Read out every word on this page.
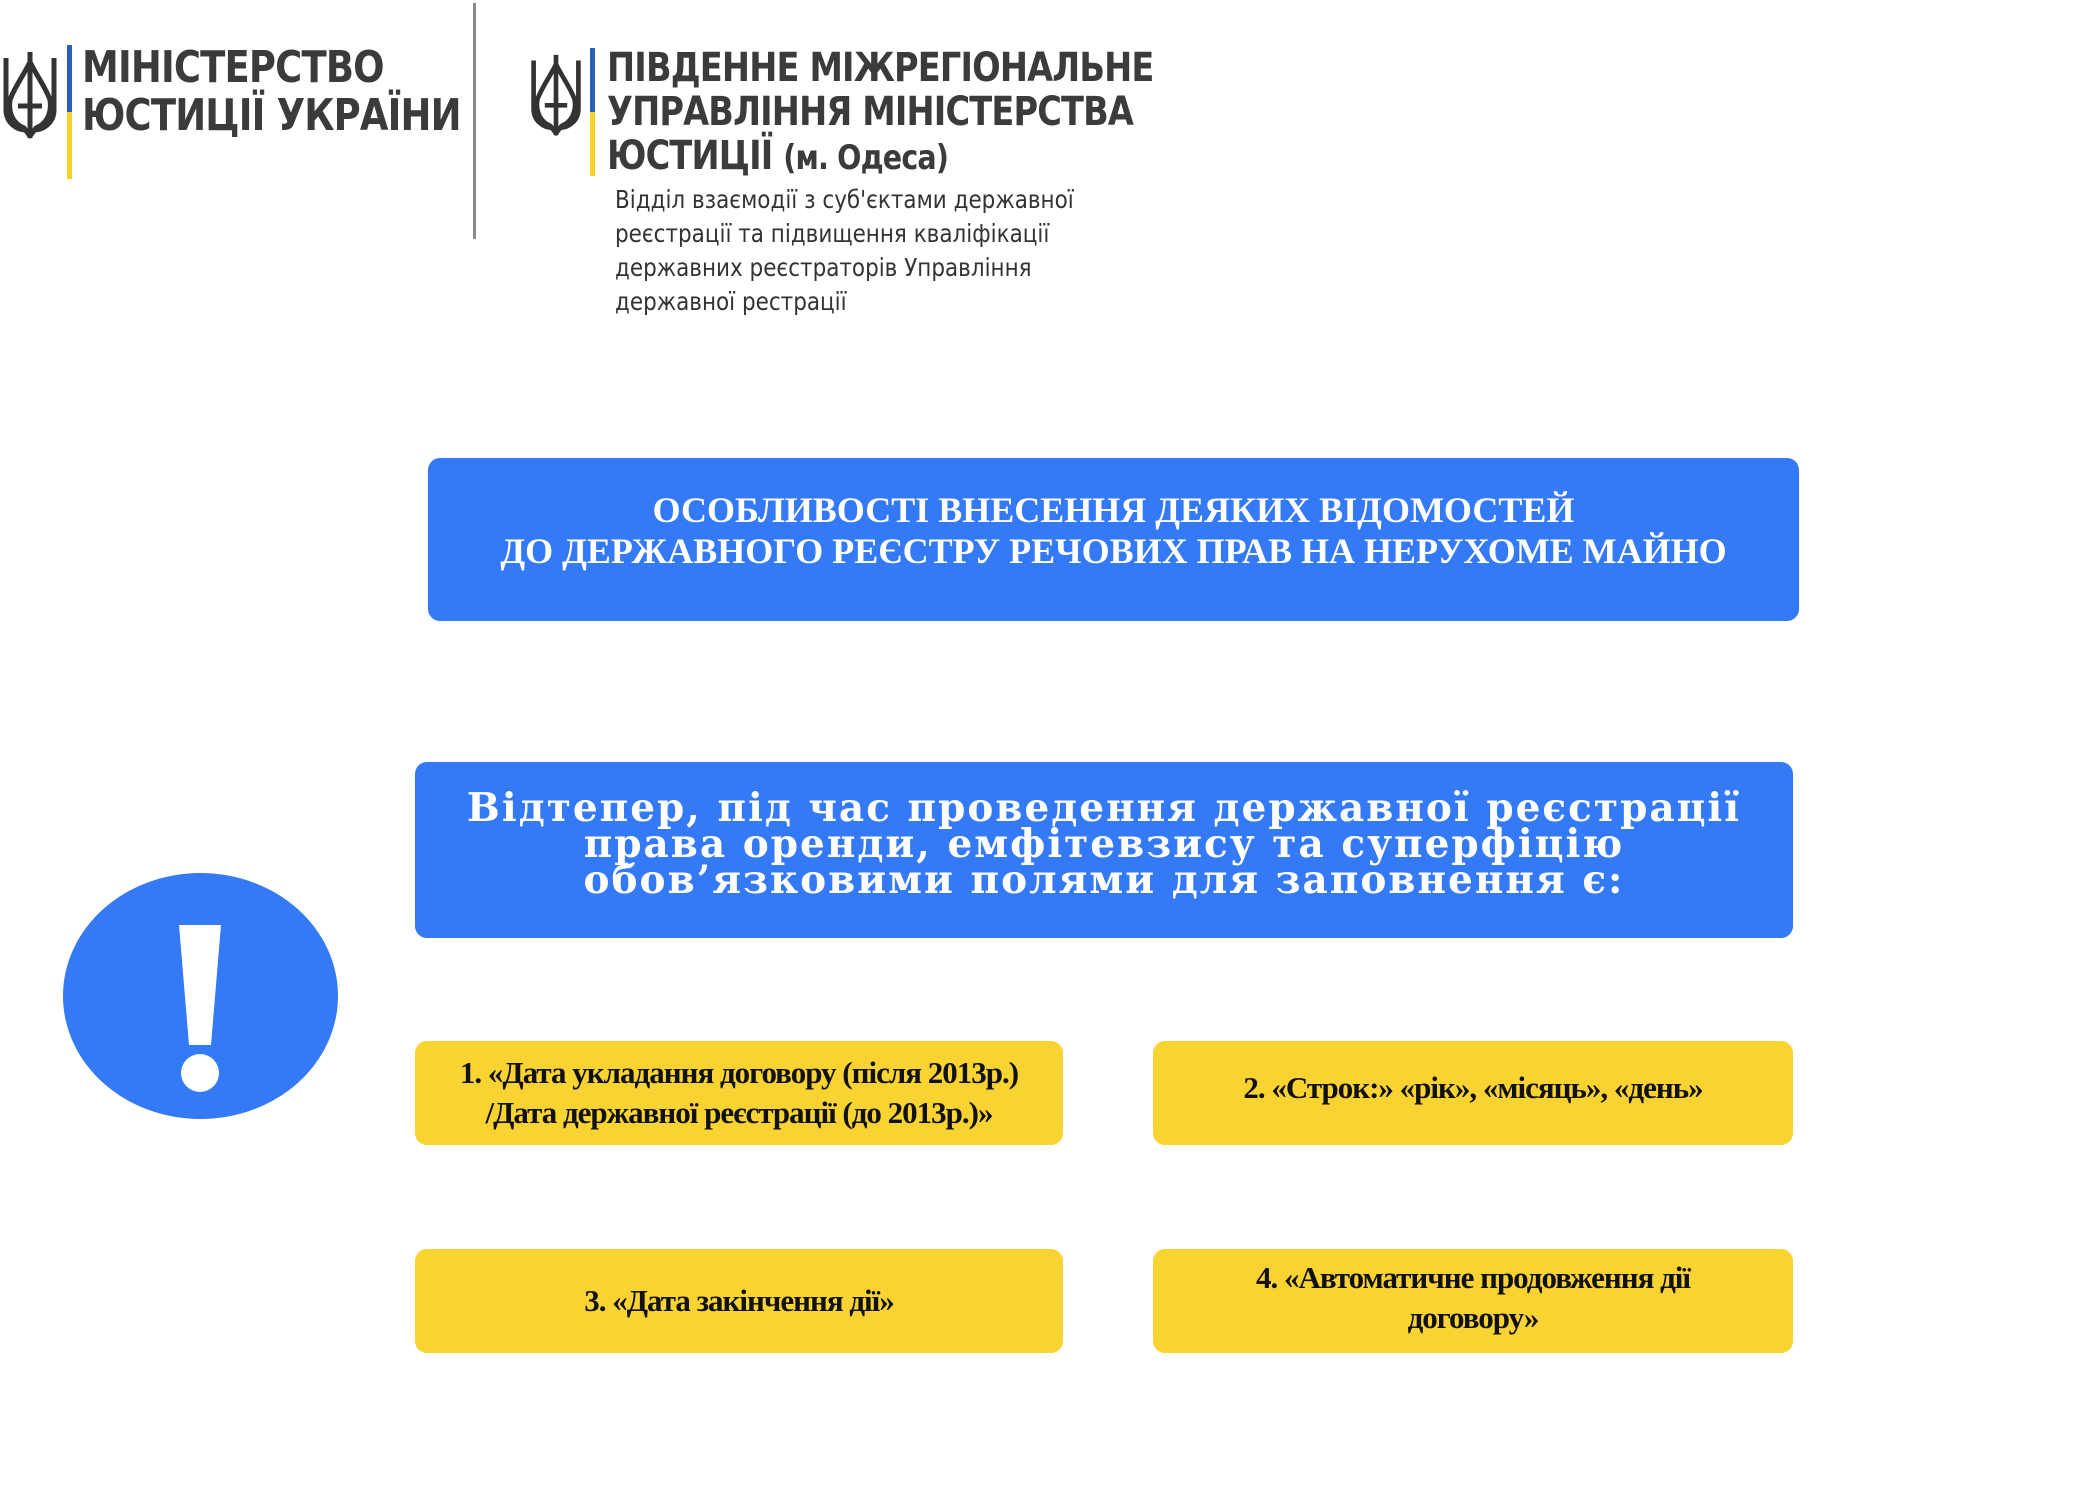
МІНІСТЕРСТВО
ЮСТИЦІЇ УКРАЇНИ
ПІВДЕННЕ МІЖРЕГІОНАЛЬНЕ
УПРАВЛІННЯ МІНІСТЕРСТВА
ЮСТИЦІЇ (м. Одеса)
Відділ взаємодії з суб'єктами державної
реєстрації та підвищення кваліфікації
державних реєстраторів Управління
державної рестрації
ОСОБЛИВОСТІ ВНЕСЕННЯ ДЕЯКИХ ВІДОМОСТЕЙ
ДО ДЕРЖАВНОГО РЕЄСТРУ РЕЧОВИХ ПРАВ НА НЕРУХОМЕ МАЙНО
Відтепер, під час проведення державної реєстрації
права оренди, емфітевзису та суперфіцію
обов’язковими полями для заповнення є:
1. «Дата укладання договору (після 2013р.)
/Дата державної реєстрації (до 2013р.)»
2. «Строк:» «рік», «місяць», «день»
3. «Дата закінчення дії»
4. «Автоматичне продовження дії
договору»
